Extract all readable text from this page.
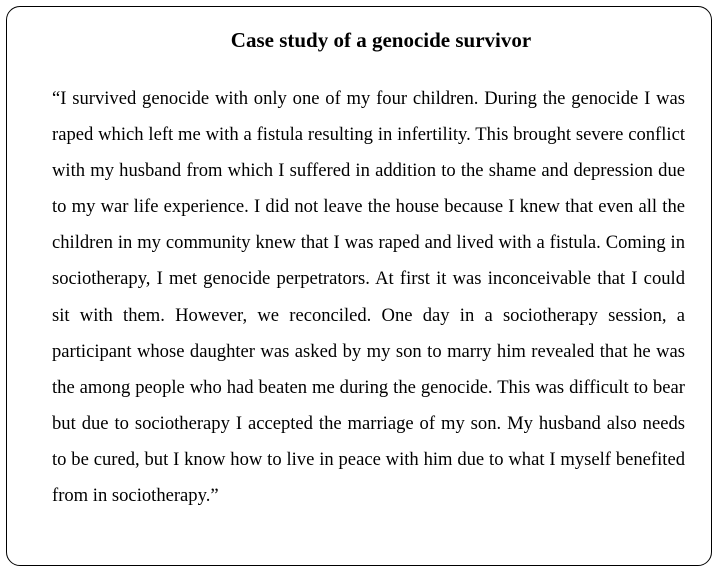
Case study of a genocide survivor

“I survived genocide with only one of my four children. During the genocide I was raped which left me with a fistula resulting in infertility. This brought severe conflict with my husband from which I suffered in addition to the shame and depression due to my war life experience. I did not leave the house because I knew that even all the children in my community knew that I was raped and lived with a fistula. Coming in sociotherapy, I met genocide perpetrators. At first it was inconceivable that I could sit with them. However, we reconciled. One day in a sociotherapy session, a participant whose daughter was asked by my son to marry him revealed that he was the among people who had beaten me during the genocide. This was difficult to bear but due to sociotherapy I accepted the marriage of my son. My husband also needs to be cured, but I know how to live in peace with him due to what I myself benefited from in sociotherapy.”
